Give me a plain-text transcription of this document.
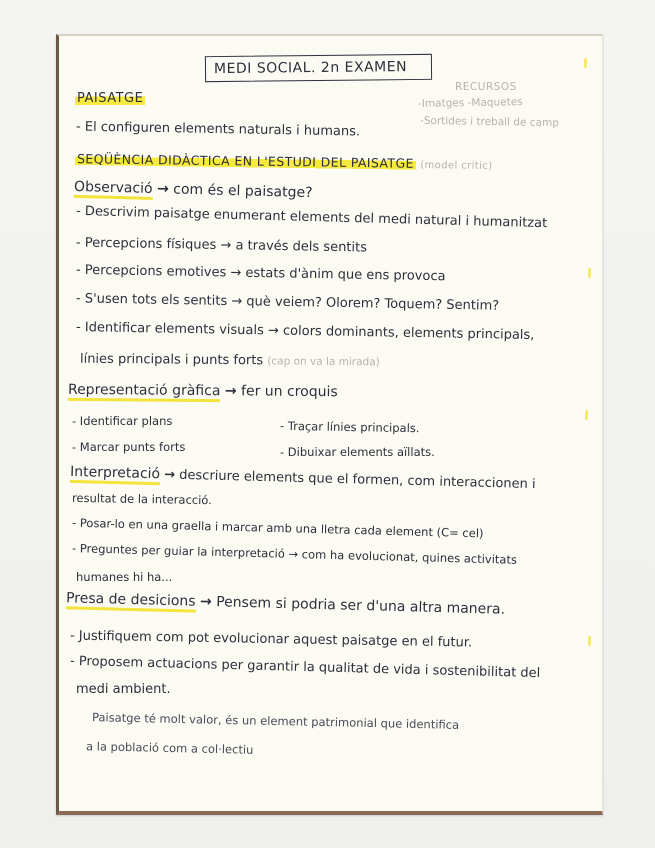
MEDI SOCIAL. 2n EXAMEN
RECURSOS
-Imatges -Maquetes
-Sortides i treball de camp
PAISATGE
- El configuren elements naturals i humans.
SEQÜÈNCIA DIDÀCTICA EN L'ESTUDI DEL PAISATGE (model crític)
Observació → com és el paisatge?
- Descrivim paisatge enumerant elements del medi natural i humanitzat
- Percepcions físiques → a través dels sentits
- Percepcions emotives → estats d'ànim que ens provoca
- S'usen tots els sentits → què veiem? Olorem? Toquem? Sentim?
- Identificar elements visuals → colors dominants, elements principals,
línies principals i punts forts (cap on va la mirada)
Representació gràfica → fer un croquis
- Identificar plans	- Traçar línies principals.
- Marcar punts forts	- Dibuixar elements aïllats.
Interpretació → descriure elements que el formen, com interaccionen i
resultat de la interacció.
- Posar-lo en una graella i marcar amb una lletra cada element (C= cel)
- Preguntes per guiar la interpretació → com ha evolucionat, quines activitats
humanes hi ha...
Presa de desicions → Pensem si podria ser d'una altra manera.
- Justifiquem com pot evolucionar aquest paisatge en el futur.
- Proposem actuacions per garantir la qualitat de vida i sostenibilitat del
medi ambient.
Paisatge té molt valor, és un element patrimonial que identifica
a la població com a col·lectiu
